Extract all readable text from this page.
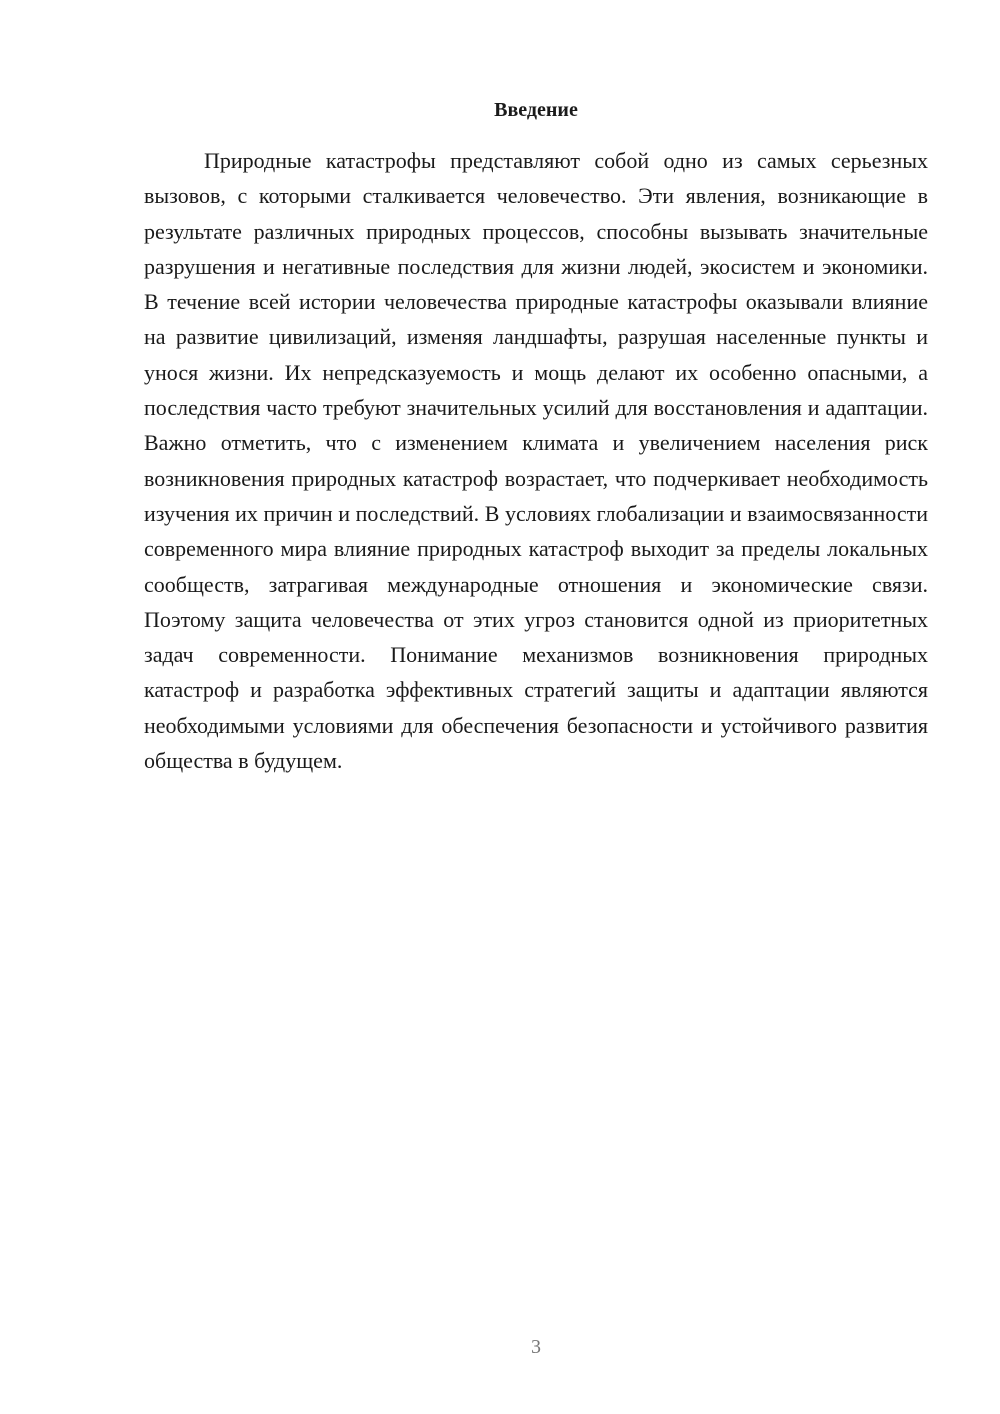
Введение

Природные катастрофы представляют собой одно из самых серьезных вызовов, с которыми сталкивается человечество. Эти явления, возникающие в результате различных природных процессов, способны вызывать значительные разрушения и негативные последствия для жизни людей, экосистем и экономики. В течение всей истории человечества природные катастрофы оказывали влияние на развитие цивилизаций, изменяя ландшафты, разрушая населенные пункты и унося жизни. Их непредсказуемость и мощь делают их особенно опасными, а последствия часто требуют значительных усилий для восстановления и адаптации. Важно отметить, что с изменением климата и увеличением населения риск возникновения природных катастроф возрастает, что подчеркивает необходимость изучения их причин и последствий. В условиях глобализации и взаимосвязанности современного мира влияние природных катастроф выходит за пределы локальных сообществ, затрагивая международные отношения и экономические связи. Поэтому защита человечества от этих угроз становится одной из приоритетных задач современности. Понимание механизмов возникновения природных катастроф и разработка эффективных стратегий защиты и адаптации являются необходимыми условиями для обеспечения безопасности и устойчивого развития общества в будущем.

3
